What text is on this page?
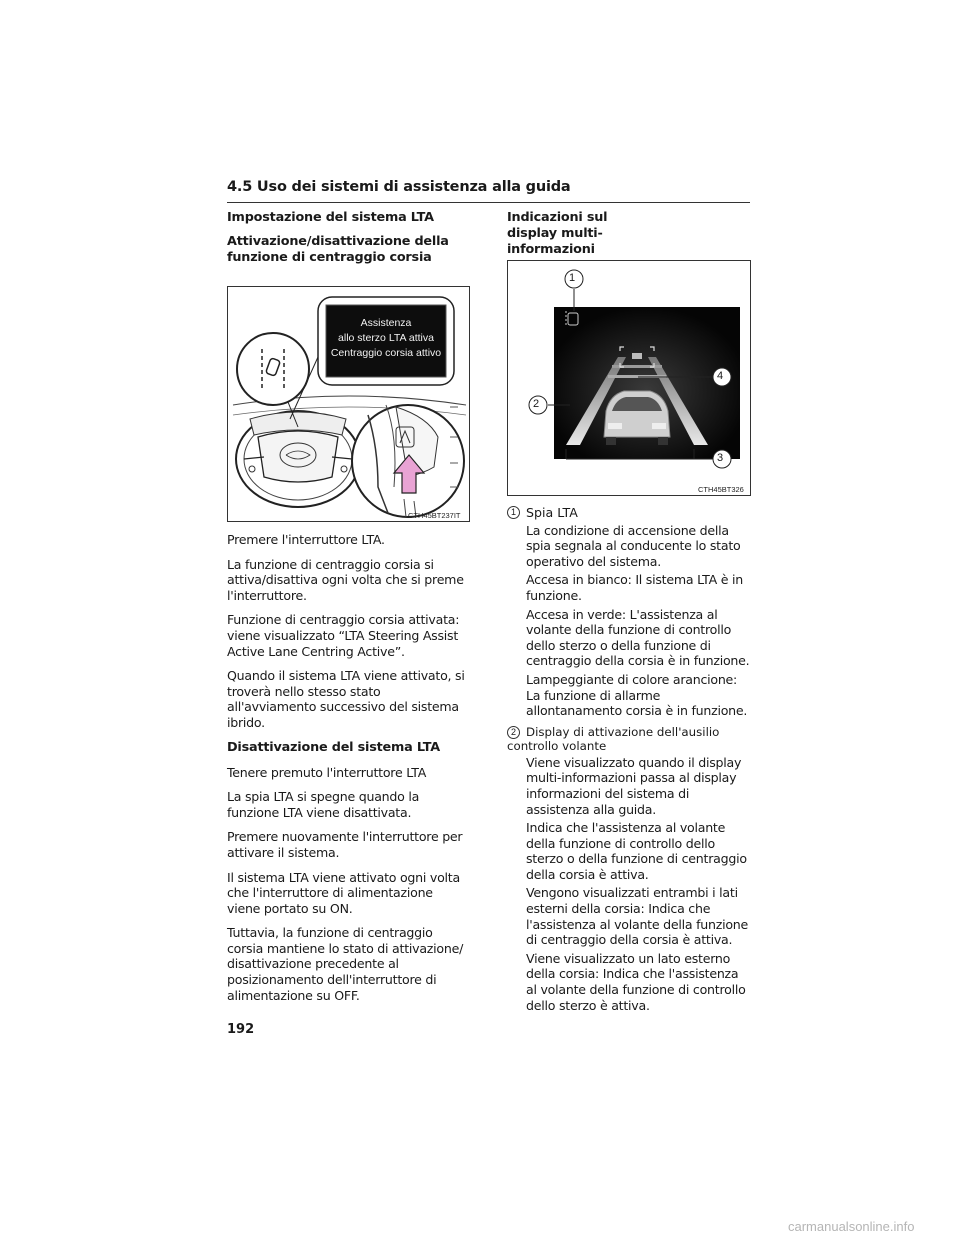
4.5 Uso dei sistemi di assistenza alla guida
Impostazione del sistema LTA
Attivazione/disattivazione della funzione di centraggio corsia
Assistenza
allo sterzo LTA attiva
Centraggio corsia attivo
CTH45BT237IT

Premere l'interruttore LTA.

La funzione di centraggio corsia si attiva/disattiva ogni volta che si preme l'interruttore.

Funzione di centraggio corsia attivata: viene visualizzato “LTA Steering Assist Active Lane Centring Active”.

Quando il sistema LTA viene attivato, si troverà nello stesso stato all'avviamento successivo del sistema ibrido.

Disattivazione del sistema LTA

Tenere premuto l'interruttore LTA

La spia LTA si spegne quando la funzione LTA viene disattivata.

Premere nuovamente l'interruttore per attivare il sistema.

Il sistema LTA viene attivato ogni volta che l'interruttore di alimentazione viene portato su ON.

Tuttavia, la funzione di centraggio corsia mantiene lo stato di attivazione/ disattivazione precedente al posizionamento dell'interruttore di alimentazione su OFF.

Indicazioni sul display multi-informazioni
1
4
2
3
CTH45BT326
1 Spia LTA

La condizione di accensione della spia segnala al conducente lo stato operativo del sistema.

Accesa in bianco: Il sistema LTA è in funzione.

Accesa in verde: L'assistenza al volante della funzione di controllo dello sterzo o della funzione di centraggio della corsia è in funzione.

Lampeggiante di colore arancione: La funzione di allarme allontanamento corsia è in funzione.

2 Display di attivazione dell'ausilio controllo volante

Viene visualizzato quando il display multi-informazioni passa al display informazioni del sistema di assistenza alla guida.

Indica che l'assistenza al volante della funzione di controllo dello sterzo o della funzione di centraggio della corsia è attiva.

Vengono visualizzati entrambi i lati esterni della corsia: Indica che l'assistenza al volante della funzione di centraggio della corsia è attiva.

Viene visualizzato un lato esterno della corsia: Indica che l'assistenza al volante della funzione di controllo dello sterzo è attiva.

192
carmanualsonline.info
